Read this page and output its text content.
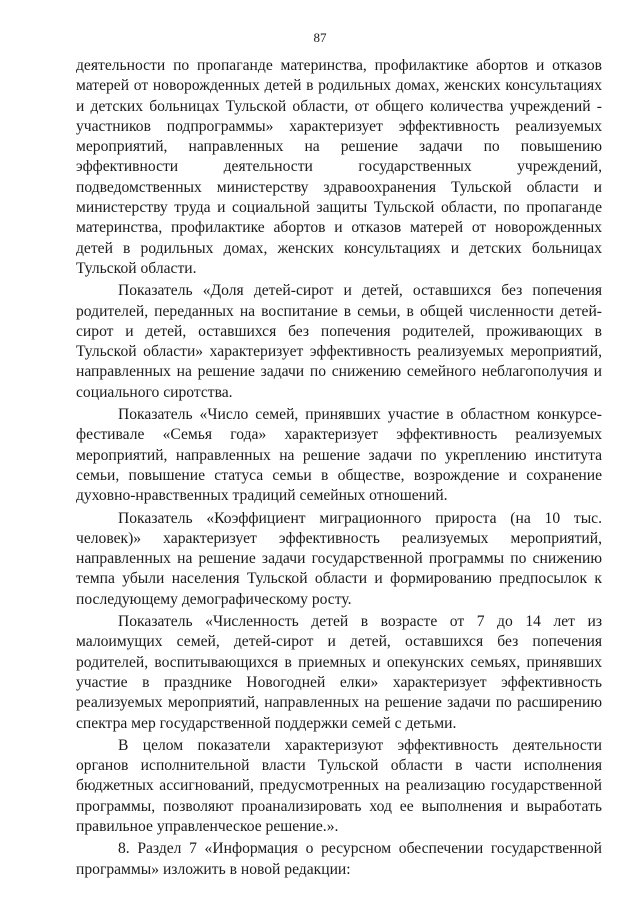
87

деятельности по пропаганде материнства, профилактике абортов и отказов матерей от новорожденных детей в родильных домах, женских консультациях и детских больницах Тульской области, от общего количества учреждений - участников подпрограммы» характеризует эффективность реализуемых мероприятий, направленных на решение задачи по повышению эффективности деятельности государственных учреждений, подведомственных министерству здравоохранения Тульской области и министерству труда и социальной защиты Тульской области, по пропаганде материнства, профилактике абортов и отказов матерей от новорожденных детей в родильных домах, женских консультациях и детских больницах Тульской области.

Показатель «Доля детей-сирот и детей, оставшихся без попечения родителей, переданных на воспитание в семьи, в общей численности детей-сирот и детей, оставшихся без попечения родителей, проживающих в Тульской области» характеризует эффективность реализуемых мероприятий, направленных на решение задачи по снижению семейного неблагополучия и социального сиротства.

Показатель «Число семей, принявших участие в областном конкурсе-фестивале «Семья года» характеризует эффективность реализуемых мероприятий, направленных на решение задачи по укреплению института семьи, повышение статуса семьи в обществе, возрождение и сохранение духовно-нравственных традиций семейных отношений.

Показатель «Коэффициент миграционного прироста (на 10 тыс. человек)» характеризует эффективность реализуемых мероприятий, направленных на решение задачи государственной программы по снижению темпа убыли населения Тульской области и формированию предпосылок к последующему демографическому росту.

Показатель «Численность детей в возрасте от 7 до 14 лет из малоимущих семей, детей-сирот и детей, оставшихся без попечения родителей, воспитывающихся в приемных и опекунских семьях, принявших участие в празднике Новогодней елки» характеризует эффективность реализуемых мероприятий, направленных на решение задачи по расширению спектра мер государственной поддержки семей с детьми.

В целом показатели характеризуют эффективность деятельности органов исполнительной власти Тульской области в части исполнения бюджетных ассигнований, предусмотренных на реализацию государственной программы, позволяют проанализировать ход ее выполнения и выработать правильное управленческое решение.».

8. Раздел 7 «Информация о ресурсном обеспечении государственной программы» изложить в новой редакции:
